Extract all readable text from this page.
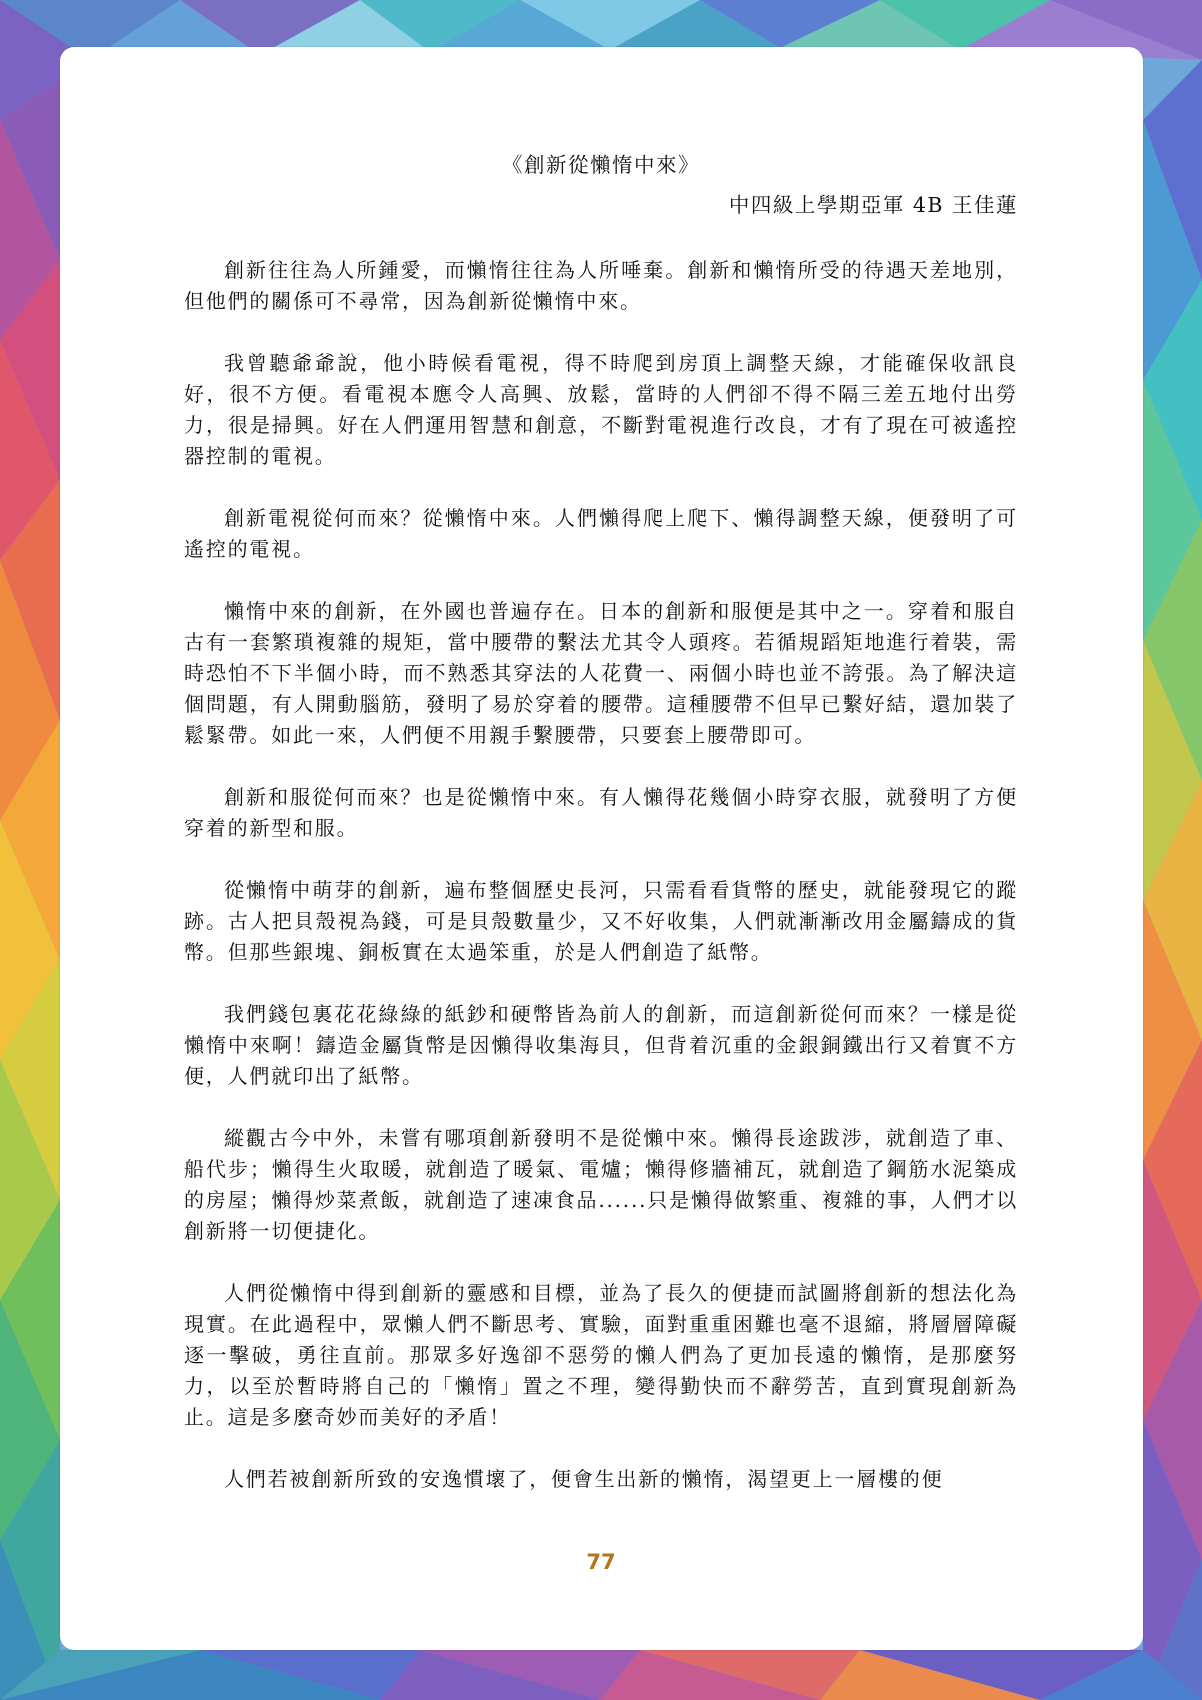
《創新從懶惰中來》
中四級上學期亞軍 4B 王佳蓮

創新往往為人所鍾愛，而懶惰往往為人所唾棄。創新和懶惰所受的待遇天差地別，但他們的關係可不尋常，因為創新從懶惰中來。

我曾聽爺爺說，他小時候看電視，得不時爬到房頂上調整天線，才能確保收訊良好，很不方便。看電視本應令人高興、放鬆，當時的人們卻不得不隔三差五地付出勞力，很是掃興。好在人們運用智慧和創意，不斷對電視進行改良，才有了現在可被遙控器控制的電視。

創新電視從何而來？從懶惰中來。人們懶得爬上爬下、懶得調整天線，便發明了可遙控的電視。

懶惰中來的創新，在外國也普遍存在。日本的創新和服便是其中之一。穿着和服自古有一套繁瑣複雜的規矩，當中腰帶的繫法尤其令人頭疼。若循規蹈矩地進行着裝，需時恐怕不下半個小時，而不熟悉其穿法的人花費一、兩個小時也並不誇張。為了解決這個問題，有人開動腦筋，發明了易於穿着的腰帶。這種腰帶不但早已繫好結，還加裝了鬆緊帶。如此一來，人們便不用親手繫腰帶，只要套上腰帶即可。

創新和服從何而來？也是從懶惰中來。有人懶得花幾個小時穿衣服，就發明了方便穿着的新型和服。

從懶惰中萌芽的創新，遍布整個歷史長河，只需看看貨幣的歷史，就能發現它的蹤跡。古人把貝殼視為錢，可是貝殼數量少，又不好收集，人們就漸漸改用金屬鑄成的貨幣。但那些銀塊、銅板實在太過笨重，於是人們創造了紙幣。

我們錢包裏花花綠綠的紙鈔和硬幣皆為前人的創新，而這創新從何而來？一樣是從懶惰中來啊！鑄造金屬貨幣是因懶得收集海貝，但背着沉重的金銀銅鐵出行又着實不方便，人們就印出了紙幣。

縱觀古今中外，未嘗有哪項創新發明不是從懶中來。懶得長途跋涉，就創造了車、船代步；懶得生火取暖，就創造了暖氣、電爐；懶得修牆補瓦，就創造了鋼筋水泥築成的房屋；懶得炒菜煮飯，就創造了速凍食品......只是懶得做繁重、複雜的事，人們才以創新將一切便捷化。

人們從懶惰中得到創新的靈感和目標，並為了長久的便捷而試圖將創新的想法化為現實。在此過程中，眾懶人們不斷思考、實驗，面對重重困難也毫不退縮，將層層障礙逐一擊破，勇往直前。那眾多好逸卻不惡勞的懶人們為了更加長遠的懶惰，是那麼努力，以至於暫時將自己的「懶惰」置之不理，變得勤快而不辭勞苦，直到實現創新為止。這是多麼奇妙而美好的矛盾！

人們若被創新所致的安逸慣壞了，便會生出新的懶惰，渴望更上一層樓的便

77
